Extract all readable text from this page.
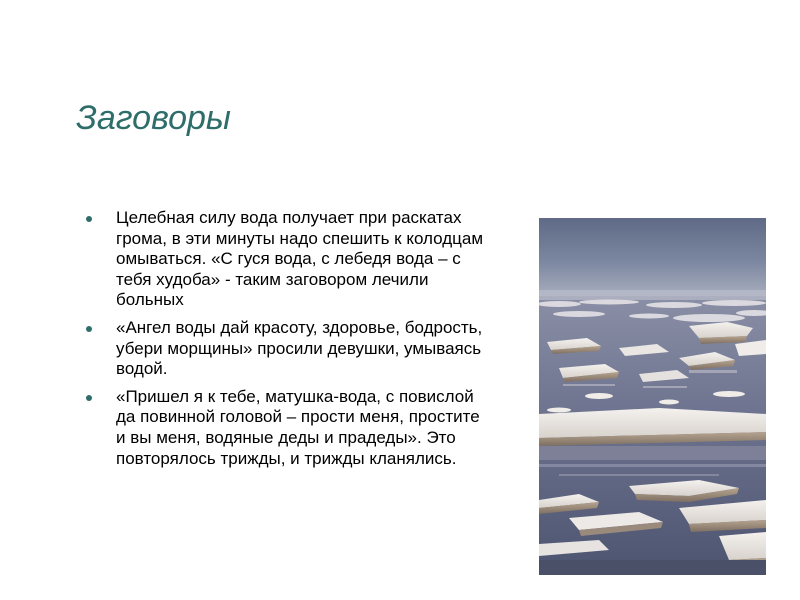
Заговоры
Целебная силу вода получает при раскатах грома, в эти минуты надо спешить к колодцам омываться. «С гуся вода, с лебедя вода – с тебя худоба» - таким заговором лечили больных
«Ангел воды дай красоту, здоровье, бодрость, убери морщины» просили девушки, умываясь водой.
«Пришел я к тебе, матушка-вода, с повислой да повинной головой – прости меня, простите и вы меня, водяные деды и прадеды». Это повторялось трижды, и трижды кланялись.
